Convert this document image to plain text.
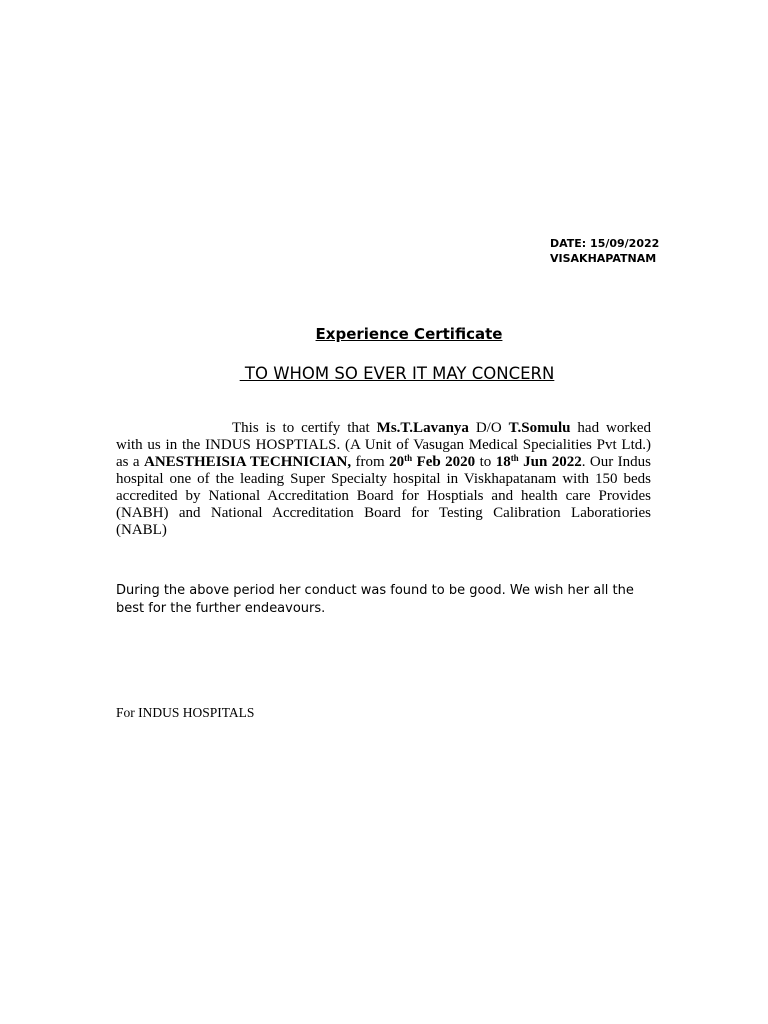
DATE: 15/09/2022
VISAKHAPATNAM
Experience Certificate
TO WHOM SO EVER IT MAY CONCERN
This is to certify that Ms.T.Lavanya D/O T.Somulu had worked with us in the INDUS HOSPTIALS. (A Unit of Vasugan Medical Specialities Pvt Ltd.) as a ANESTHEISIA TECHNICIAN, from 20th Feb 2020 to 18th Jun 2022. Our Indus hospital one of the leading Super Specialty hospital in Viskhapatanam with 150 beds accredited by National Accreditation Board for Hosptials and health care Provides (NABH) and National Accreditation Board for Testing Calibration Laboratiories (NABL)
During the above period her conduct was found to be good. We wish her all the best for the further endeavours.
For INDUS HOSPITALS
